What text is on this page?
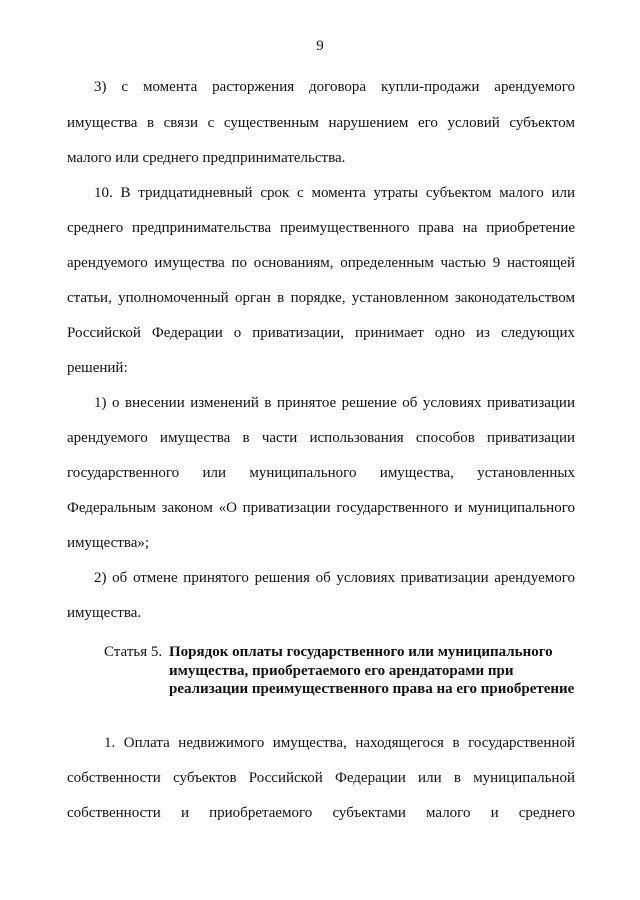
9
3) с момента расторжения договора купли-продажи арендуемого
имущества в связи с существенным нарушением его условий субъектом
малого или среднего предпринимательства.
10. В тридцатидневный срок с момента утраты субъектом малого или
среднего предпринимательства преимущественного права на приобретение
арендуемого имущества по основаниям, определенным частью 9 настоящей
статьи, уполномоченный орган в порядке, установленном законодательством
Российской Федерации о приватизации, принимает одно из следующих
решений:
1) о внесении изменений в принятое решение об условиях приватизации
арендуемого имущества в части использования способов приватизации
государственного или муниципального имущества, установленных
Федеральным законом «О приватизации государственного и муниципального
имущества»;
2) об отмене принятого решения об условиях приватизации арендуемого
имущества.
Статья 5. Порядок оплаты государственного или муниципального
имущества, приобретаемого его арендаторами при
реализации преимущественного права на его приобретение
1. Оплата недвижимого имущества, находящегося в государственной
собственности субъектов Российской Федерации или в муниципальной
собственности и приобретаемого субъектами малого и среднего
